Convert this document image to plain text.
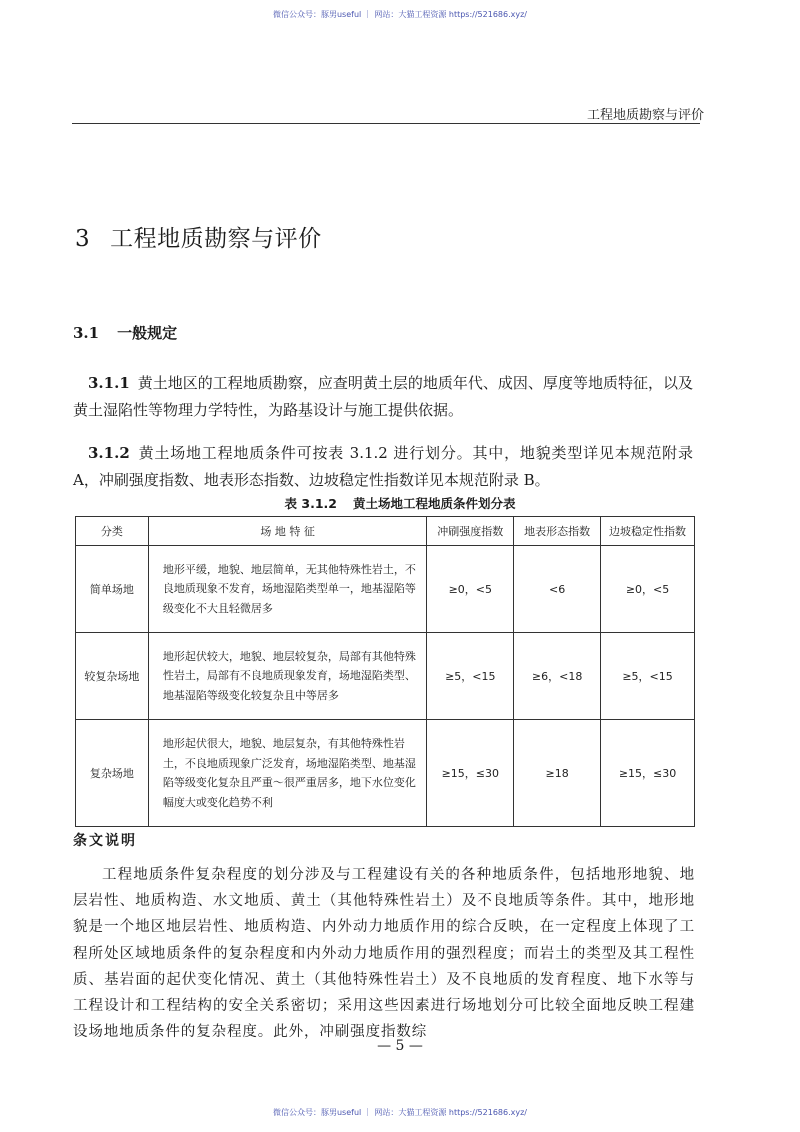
微信公众号：豚男useful ｜ 网站：大猫工程资源 https://521686.xyz/
工程地质勘察与评价
3 工程地质勘察与评价
3.1 一般规定
3.1.1 黄土地区的工程地质勘察，应查明黄土层的地质年代、成因、厚度等地质特征，以及黄土湿陷性等物理力学特性，为路基设计与施工提供依据。
3.1.2 黄土场地工程地质条件可按表 3.1.2 进行划分。其中，地貌类型详见本规范附录 A，冲刷强度指数、地表形态指数、边坡稳定性指数详见本规范附录 B。
表 3.1.2 黄土场地工程地质条件划分表
分类	场 地 特 征	冲刷强度指数	地表形态指数	边坡稳定性指数
简单场地	地形平缓，地貌、地层简单，无其他特殊性岩土，不良地质现象不发育，场地湿陷类型单一，地基湿陷等级变化不大且轻微居多	≥0，<5	<6	≥0，<5
较复杂场地	地形起伏较大，地貌、地层较复杂，局部有其他特殊性岩土，局部有不良地质现象发育，场地湿陷类型、地基湿陷等级变化较复杂且中等居多	≥5，<15	≥6，<18	≥5，<15
复杂场地	地形起伏很大，地貌、地层复杂，有其他特殊性岩土，不良地质现象广泛发育，场地湿陷类型、地基湿陷等级变化复杂且严重～很严重居多，地下水位变化幅度大或变化趋势不利	≥15，≤30	≥18	≥15，≤30
条文说明
工程地质条件复杂程度的划分涉及与工程建设有关的各种地质条件，包括地形地貌、地层岩性、地质构造、水文地质、黄土（其他特殊性岩土）及不良地质等条件。其中，地形地貌是一个地区地层岩性、地质构造、内外动力地质作用的综合反映，在一定程度上体现了工程所处区域地质条件的复杂程度和内外动力地质作用的强烈程度；而岩土的类型及其工程性质、基岩面的起伏变化情况、黄土（其他特殊性岩土）及不良地质的发育程度、地下水等与工程设计和工程结构的安全关系密切；采用这些因素进行场地划分可比较全面地反映工程建设场地地质条件的复杂程度。此外，冲刷强度指数综
— 5 —
微信公众号：豚男useful ｜ 网站：大猫工程资源 https://521686.xyz/
